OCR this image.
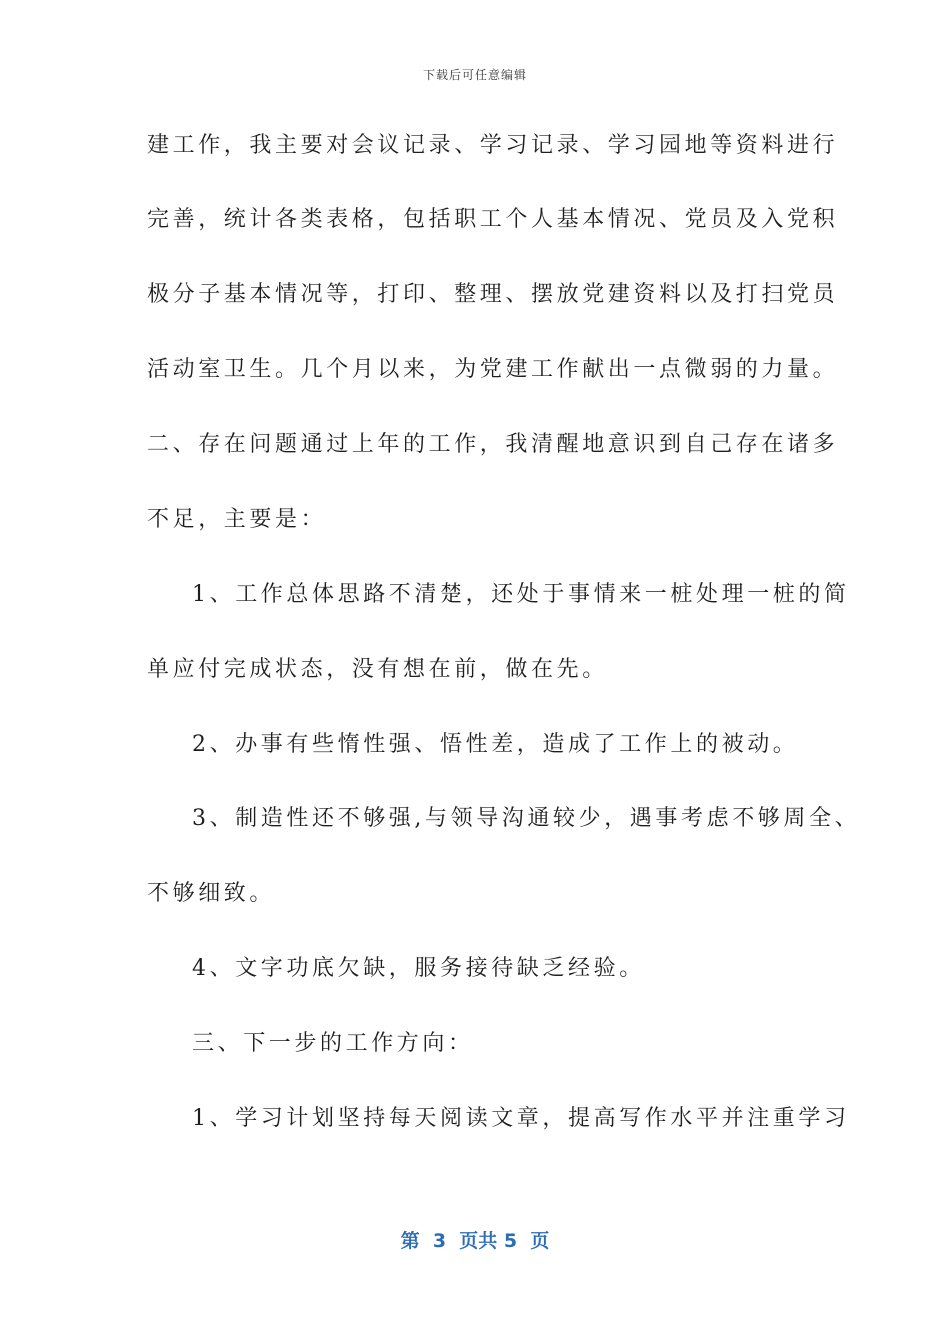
下载后可任意编辑
建工作，我主要对会议记录、学习记录、学习园地等资料进行
完善，统计各类表格，包括职工个人基本情况、党员及入党积
极分子基本情况等，打印、整理、摆放党建资料以及打扫党员
活动室卫生。几个月以来，为党建工作献出一点微弱的力量。
二、存在问题通过上年的工作，我清醒地意识到自己存在诸多
不足，主要是：
1、工作总体思路不清楚，还处于事情来一桩处理一桩的简
单应付完成状态，没有想在前，做在先。
2、办事有些惰性强、悟性差，造成了工作上的被动。
3、制造性还不够强,与领导沟通较少，遇事考虑不够周全、
不够细致。
4、文字功底欠缺，服务接待缺乏经验。
三、下一步的工作方向：
1、学习计划坚持每天阅读文章，提高写作水平并注重学习
第  3  页共 5  页
